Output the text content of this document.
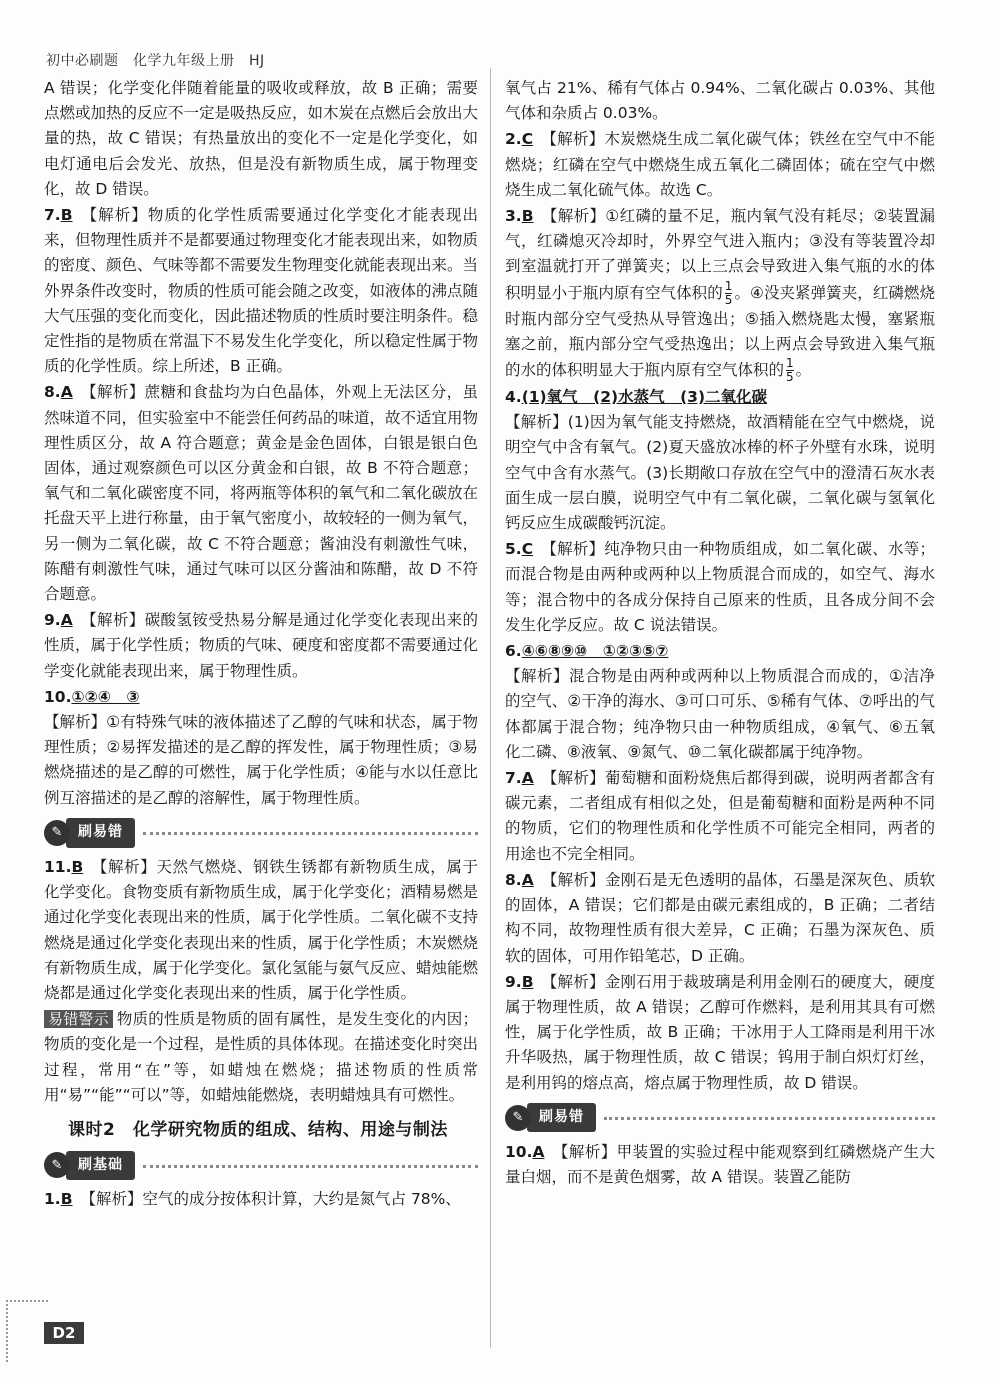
初中必刷题　化学九年级上册　HJ

A 错误；化学变化伴随着能量的吸收或释放，故 B 正确；需要点燃或加热的反应不一定是吸热反应，如木炭在点燃后会放出大量的热，故 C 错误；有热量放出的变化不一定是化学变化，如电灯通电后会发光、放热，但是没有新物质生成，属于物理变化，故 D 错误。

7.B 【解析】物质的化学性质需要通过化学变化才能表现出来，但物理性质并不是都要通过物理变化才能表现出来，如物质的密度、颜色、气味等都不需要发生物理变化就能表现出来。当外界条件改变时，物质的性质可能会随之改变，如液体的沸点随大气压强的变化而变化，因此描述物质的性质时要注明条件。稳定性指的是物质在常温下不易发生化学变化，所以稳定性属于物质的化学性质。综上所述，B 正确。

8.A 【解析】蔗糖和食盐均为白色晶体，外观上无法区分，虽然味道不同，但实验室中不能尝任何药品的味道，故不适宜用物理性质区分，故 A 符合题意；黄金是金色固体，白银是银白色固体，通过观察颜色可以区分黄金和白银，故 B 不符合题意；氧气和二氧化碳密度不同，将两瓶等体积的氧气和二氧化碳放在托盘天平上进行称量，由于氧气密度小，故较轻的一侧为氧气，另一侧为二氧化碳，故 C 不符合题意；酱油没有刺激性气味，陈醋有刺激性气味，通过气味可以区分酱油和陈醋，故 D 不符合题意。

9.A 【解析】碳酸氢铵受热易分解是通过化学变化表现出来的性质，属于化学性质；物质的气味、硬度和密度都不需要通过化学变化就能表现出来，属于物理性质。

10.①②④　③
【解析】①有特殊气味的液体描述了乙醇的气味和状态，属于物理性质；②易挥发描述的是乙醇的挥发性，属于物理性质；③易燃烧描述的是乙醇的可燃性，属于化学性质；④能与水以任意比例互溶描述的是乙醇的溶解性，属于物理性质。

✎	刷易错

11.B 【解析】天然气燃烧、钢铁生锈都有新物质生成，属于化学变化。食物变质有新物质生成，属于化学变化；酒精易燃是通过化学变化表现出来的性质，属于化学性质。二氧化碳不支持燃烧是通过化学变化表现出来的性质，属于化学性质；木炭燃烧有新物质生成，属于化学变化。氯化氢能与氨气反应、蜡烛能燃烧都是通过化学变化表现出来的性质，属于化学性质。

易错警示 物质的性质是物质的固有属性，是发生变化的内因；物质的变化是一个过程，是性质的具体体现。在描述变化时突出过程，常用“在”等，如蜡烛在燃烧；描述物质的性质常用“易”“能”“可以”等，如蜡烛能燃烧，表明蜡烛具有可燃性。

课时2　化学研究物质的组成、结构、用途与制法
✎	刷基础

1.B 【解析】空气的成分按体积计算，大约是氮气占 78%、

氧气占 21%、稀有气体占 0.94%、二氧化碳占 0.03%、其他气体和杂质占 0.03%。

2.C 【解析】木炭燃烧生成二氧化碳气体；铁丝在空气中不能燃烧；红磷在空气中燃烧生成五氧化二磷固体；硫在空气中燃烧生成二氧化硫气体。故选 C。

3.B 【解析】①红磷的量不足，瓶内氧气没有耗尽；②装置漏气，红磷熄灭冷却时，外界空气进入瓶内；③没有等装置冷却到室温就打开了弹簧夹；以上三点会导致进入集气瓶的水的体积明显小于瓶内原有空气体积的 $\frac{1}{5}$ 。④没夹紧弹簧夹，红磷燃烧时瓶内部分空气受热从导管逸出；⑤插入燃烧匙太慢，塞紧瓶塞之前，瓶内部分空气受热逸出；以上两点会导致进入集气瓶的水的体积明显大于瓶内原有空气体积的 $\frac{1}{5}$ 。

4.(1)氧气　(2)水蒸气　(3)二氧化碳
【解析】(1)因为氧气能支持燃烧，故酒精能在空气中燃烧，说明空气中含有氧气。(2)夏天盛放冰棒的杯子外壁有水珠，说明空气中含有水蒸气。(3)长期敞口存放在空气中的澄清石灰水表面生成一层白膜，说明空气中有二氧化碳，二氧化碳与氢氧化钙反应生成碳酸钙沉淀。

5.C 【解析】纯净物只由一种物质组成，如二氧化碳、水等；而混合物是由两种或两种以上物质混合而成的，如空气、海水等；混合物中的各成分保持自己原来的性质，且各成分间不会发生化学反应。故 C 说法错误。

6.④⑥⑧⑨⑩　①②③⑤⑦
【解析】混合物是由两种或两种以上物质混合而成的，①洁净的空气、②干净的海水、③可口可乐、⑤稀有气体、⑦呼出的气体都属于混合物；纯净物只由一种物质组成，④氧气、⑥五氧化二磷、⑧液氧、⑨氮气、⑩二氧化碳都属于纯净物。

7.A 【解析】葡萄糖和面粉烧焦后都得到碳，说明两者都含有碳元素，二者组成有相似之处，但是葡萄糖和面粉是两种不同的物质，它们的物理性质和化学性质不可能完全相同，两者的用途也不完全相同。

8.A 【解析】金刚石是无色透明的晶体，石墨是深灰色、质软的固体，A 错误；它们都是由碳元素组成的，B 正确；二者结构不同，故物理性质有很大差异，C 正确；石墨为深灰色、质软的固体，可用作铅笔芯，D 正确。

9.B 【解析】金刚石用于裁玻璃是利用金刚石的硬度大，硬度属于物理性质，故 A 错误；乙醇可作燃料，是利用其具有可燃性，属于化学性质，故 B 正确；干冰用于人工降雨是利用干冰升华吸热，属于物理性质，故 C 错误；钨用于制白炽灯灯丝，是利用钨的熔点高，熔点属于物理性质，故 D 错误。

✎	刷易错

10.A 【解析】甲装置的实验过程中能观察到红磷燃烧产生大量白烟，而不是黄色烟雾，故 A 错误。装置乙能防

D2
